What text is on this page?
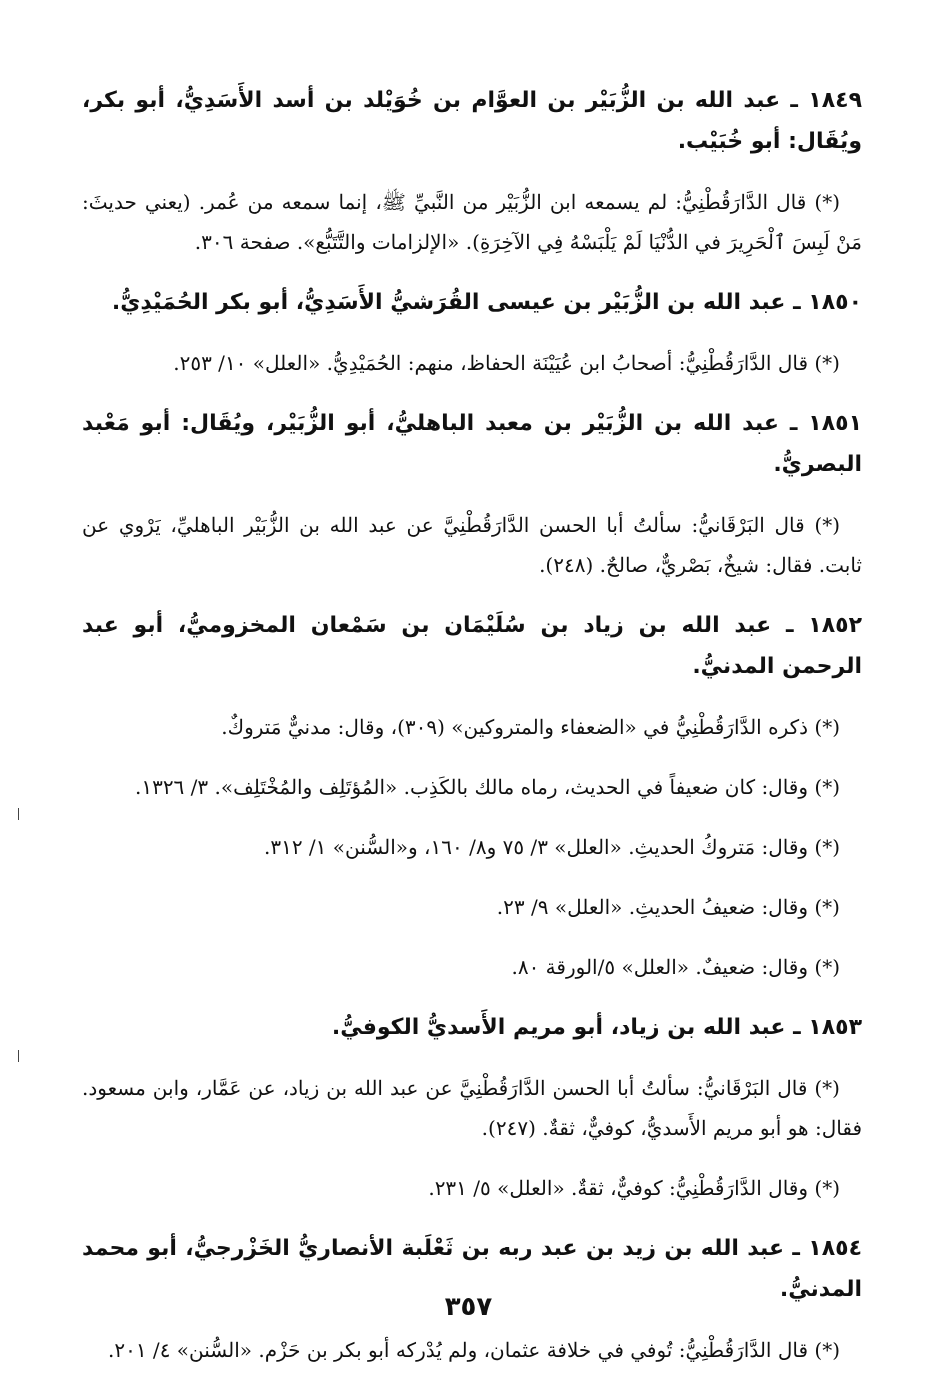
١٨٤٩ ـ عبد الله بن الزُّبَيْر بن العوَّام بن خُوَيْلد بن أسد الأَسَدِيُّ، أبو بكر، ويُقَال: أبو خُبَيْب.

(*) قال الدَّارَقُطْنِيُّ: لم يسمعه ابن الزُّبَيْر من النَّبيِّ ﷺ، إنما سمعه من عُمر. (يعني حديثَ: مَنْ لَبِسَ ٱلْحَرِيرَ في الدُّنْيَا لَمْ يَلْبَسْهُ فِي الآخِرَةِ). «الإلزامات والتَّتَبُّع». صفحة ٣٠٦.

١٨٥٠ ـ عبد الله بن الزُّبَيْر بن عيسى القُرَشيُّ الأَسَدِيُّ، أبو بكر الحُمَيْدِيُّ.

(*) قال الدَّارَقُطْنِيُّ: أصحابُ ابن عُيَيْنَة الحفاظ، منهم: الحُمَيْدِيُّ. «العلل» ١٠/ ٢٥٣.

١٨٥١ ـ عبد الله بن الزُّبَيْر بن معبد الباهليُّ، أبو الزُّبَيْر، ويُقَال: أبو مَعْبد البصريُّ.

(*) قال البَرْقَانيُّ: سألتُ أبا الحسن الدَّارَقُطْنِيَّ عن عبد الله بن الزُّبَيْر الباهليِّ، يَرْوي عن ثابت. فقال: شيخٌ، بَصْريٌّ، صالحٌ. (٢٤٨).

١٨٥٢ ـ عبد الله بن زياد بن سُلَيْمَان بن سَمْعان المخزوميُّ، أبو عبد الرحمن المدنيُّ.

(*) ذكره الدَّارَقُطْنِيُّ في «الضعفاء والمتروكين» (٣٠٩)، وقال: مدنيٌّ مَتروكٌ.

(*) وقال: كان ضعيفاً في الحديث، رماه مالك بالكَذِب. «المُؤتَلِف والمُخْتَلِف». ٣/ ١٣٢٦.

(*) وقال: مَتروكُ الحديثِ. «العلل» ٣/ ٧٥ و٨/ ١٦٠، و«السُّنن» ١/ ٣١٢.

(*) وقال: ضعيفُ الحديثِ. «العلل» ٩/ ٢٣.

(*) وقال: ضعيفٌ. «العلل» ٥/الورقة ٨٠.

١٨٥٣ ـ عبد الله بن زياد، أبو مريم الأَسديُّ الكوفيُّ.

(*) قال البَرْقَانيُّ: سألتُ أبا الحسن الدَّارَقُطْنِيَّ عن عبد الله بن زياد، عن عَمَّار، وابن مسعود. فقال: هو أبو مريم الأَسديُّ، كوفيٌّ، ثقةٌ. (٢٤٧).

(*) وقال الدَّارَقُطْنِيُّ: كوفيٌّ، ثقةٌ. «العلل» ٥/ ٢٣١.

١٨٥٤ ـ عبد الله بن زيد بن عبد ربه بن ثَعْلَبة الأنصاريُّ الخَزْرجيُّ، أبو محمد المدنيُّ.

(*) قال الدَّارَقُطْنِيُّ: تُوفي في خلافة عثمان، ولم يُدْركه أبو بكر بن حَزْم. «السُّنن» ٤/ ٢٠١.

٣٥٧
